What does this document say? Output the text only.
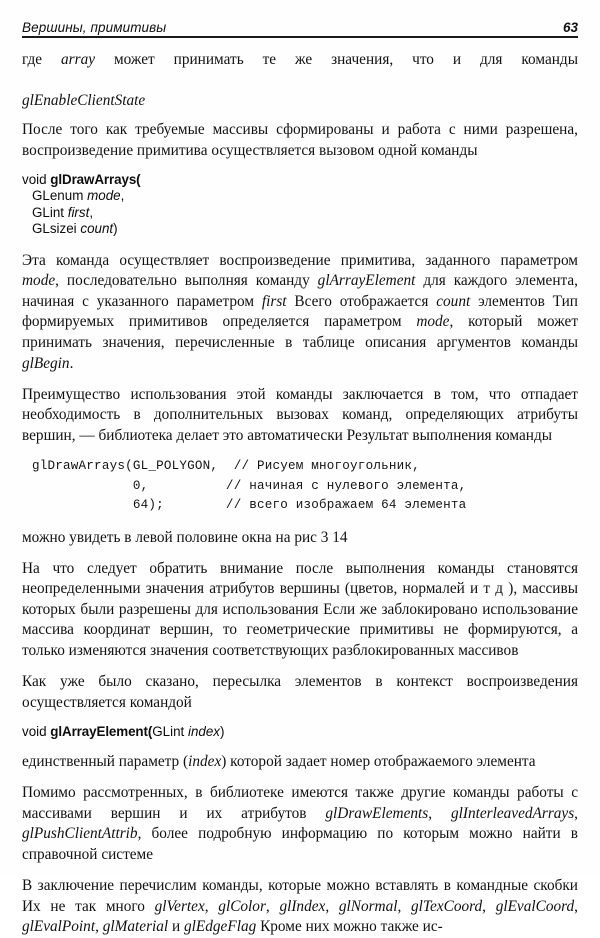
Вершины, примитивы	63

где array может принимать те же значения, что и для команды
glEnableClientState

После того как требуемые массивы сформированы и работа с ними разрешена, воспроизведение примитива осуществляется вызовом одной команды

void glDrawArrays(
GLenum mode,
GLint first,
GLsizei count)

Эта команда осуществляет воспроизведение примитива, заданного параметром mode, последовательно выполняя команду glArrayElement для каждого элемента, начиная с указанного параметром first Всего отображается count элементов Тип формируемых примитивов определяется параметром mode, который может принимать значения, перечисленные в таблице описания аргументов команды glBegin.

Преимущество использования этой команды заключается в том, что отпадает необходимость в дополнительных вызовах команд, определяющих атрибуты вершин, — библиотека делает это автоматически Результат выполнения команды

glDrawArrays(GL_POLYGON,  // Рисуем многоугольник,
0,          // начиная с нулевого элемента,
64);        // всего изображаем 64 элемента

можно увидеть в левой половине окна на рис 3 14

На что следует обратить внимание после выполнения команды становятся неопределенными значения атрибутов вершины (цветов, нормалей и т д ), массивы которых были разрешены для использования Если же заблокировано использование массива координат вершин, то геометрические примитивы не формируются, а только изменяются значения соответствующих разблокированных массивов

Как уже было сказано, пересылка элементов в контекст воспроизведения осуществляется командой

void glArrayElement(GLint index)

единственный параметр (index) которой задает номер отображаемого элемента

Помимо рассмотренных, в библиотеке имеются также другие команды работы с массивами вершин и их атрибутов glDrawElements, glInterleavedArrays, glPushClientAttrib, более подробную информацию по которым можно найти в справочной системе

В заключение перечислим команды, которые можно вставлять в командные скобки Их не так много glVertex, glColor, glIndex, glNormal, glTexCoord, glEvalCoord, glEvalPoint, glMaterial и glEdgeFlag Кроме них можно также ис-
